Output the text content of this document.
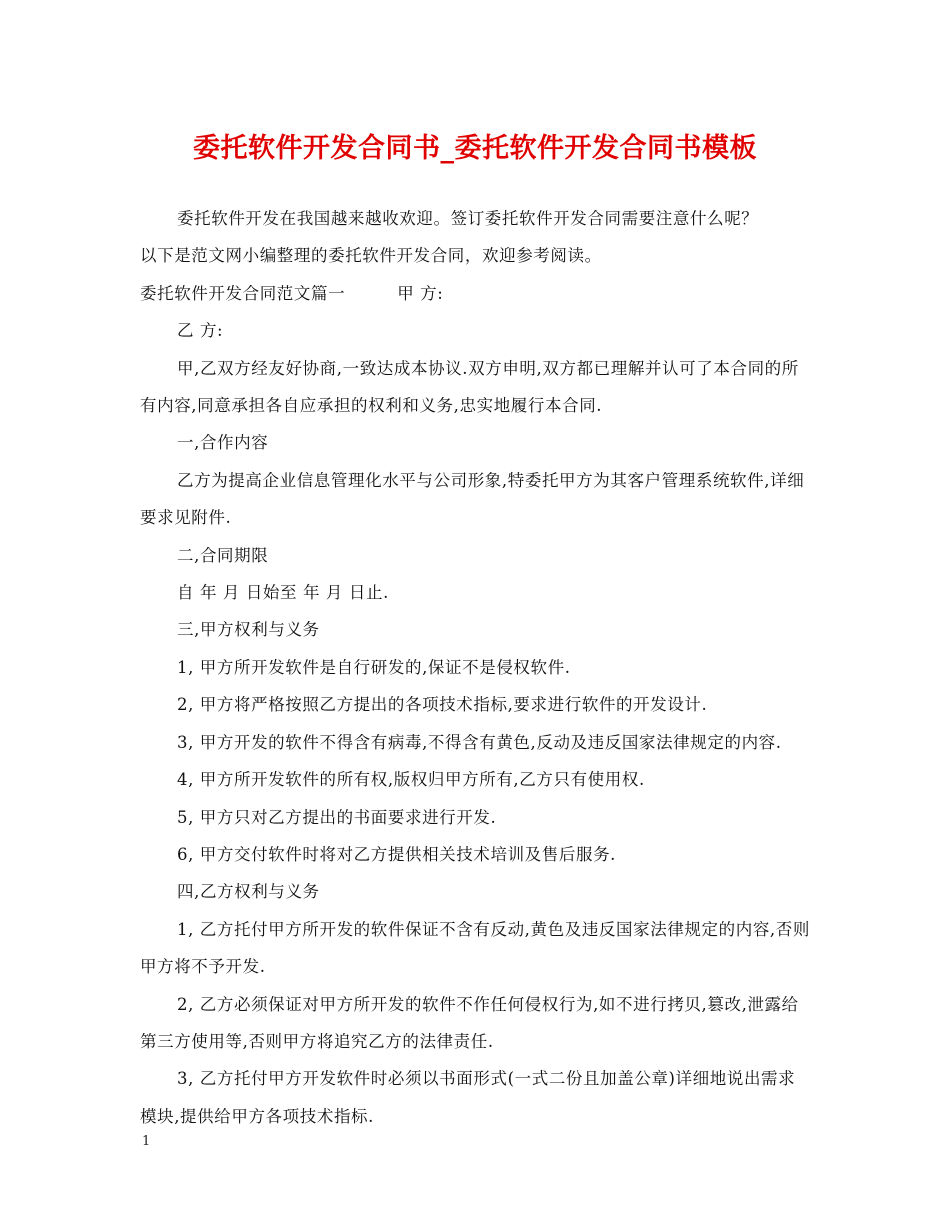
委托软件开发合同书_委托软件开发合同书模板

委托软件开发在我国越来越收欢迎。签订委托软件开发合同需要注意什么呢？
以下是范文网小编整理的委托软件开发合同，欢迎参考阅读。

委托软件开发合同范文篇一	甲 方:

乙 方:

甲,乙双方经友好协商,一致达成本协议.双方申明,双方都已理解并认可了本合同的所有内容,同意承担各自应承担的权利和义务,忠实地履行本合同.

一,合作内容

乙方为提高企业信息管理化水平与公司形象,特委托甲方为其客户管理系统软件,详细要求见附件.

二,合同期限

自 年 月 日始至 年 月 日止.

三,甲方权利与义务

1, 甲方所开发软件是自行研发的,保证不是侵权软件.

2, 甲方将严格按照乙方提出的各项技术指标,要求进行软件的开发设计.

3, 甲方开发的软件不得含有病毒,不得含有黄色,反动及违反国家法律规定的内容.

4, 甲方所开发软件的所有权,版权归甲方所有,乙方只有使用权.

5, 甲方只对乙方提出的书面要求进行开发.

6, 甲方交付软件时将对乙方提供相关技术培训及售后服务.

四,乙方权利与义务

1, 乙方托付甲方所开发的软件保证不含有反动,黄色及违反国家法律规定的内容,否则甲方将不予开发.

2, 乙方必须保证对甲方所开发的软件不作任何侵权行为,如不进行拷贝,篡改,泄露给第三方使用等,否则甲方将追究乙方的法律责任.

3, 乙方托付甲方开发软件时必须以书面形式(一式二份且加盖公章)详细地说出需求模块,提供给甲方各项技术指标.

1
